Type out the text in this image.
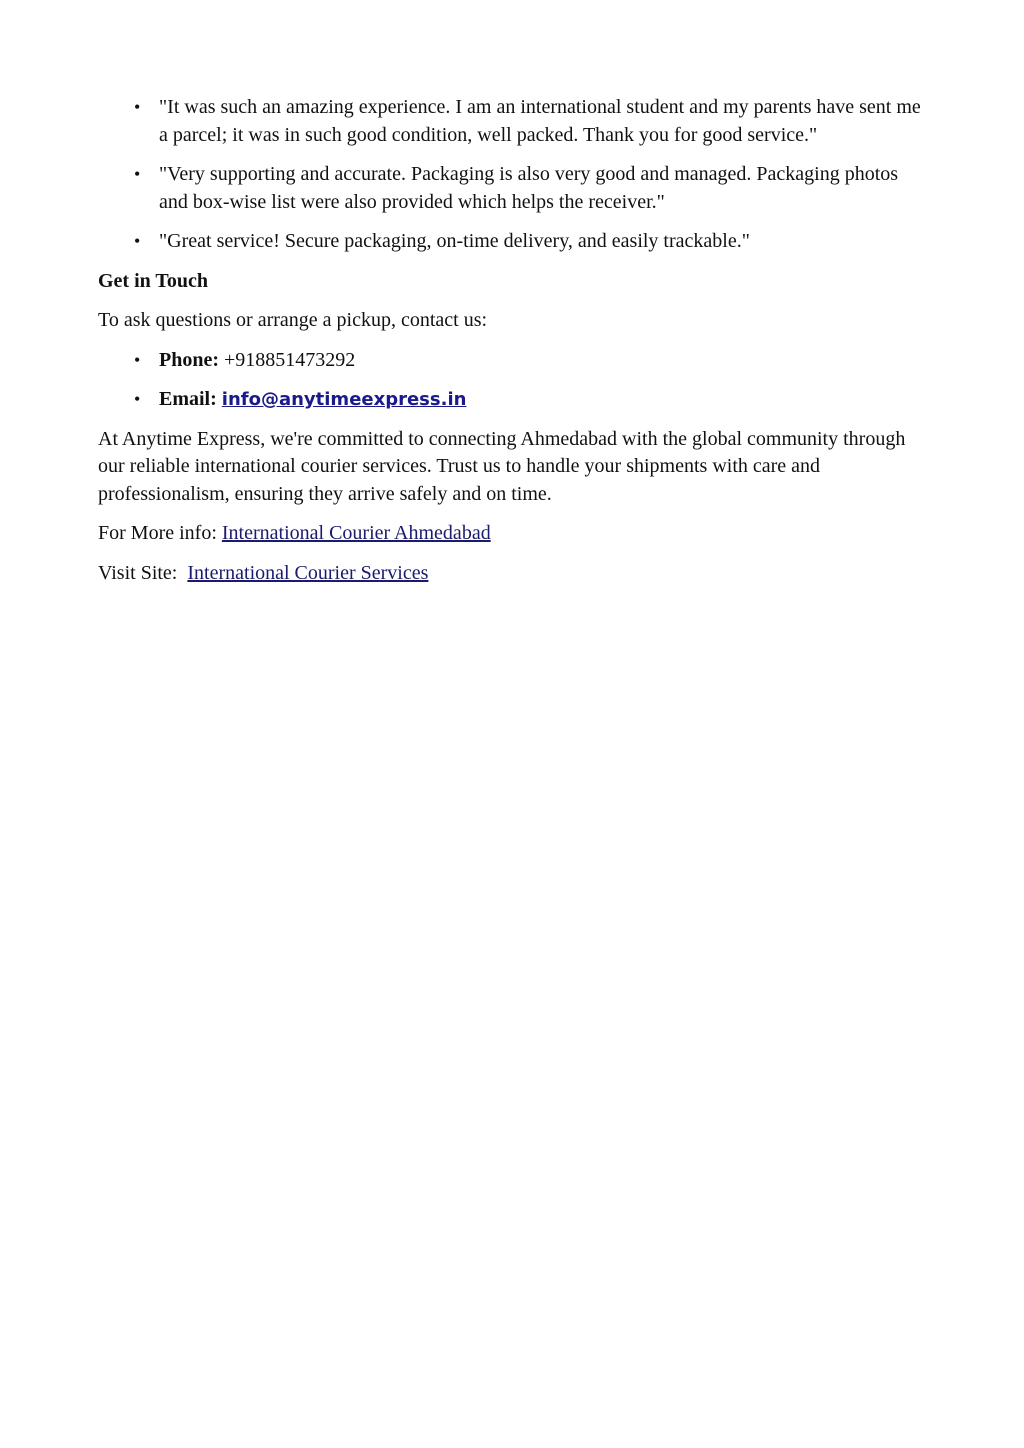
• "It was such an amazing experience. I am an international student and my parents have sent me a parcel; it was in such good condition, well packed. Thank you for good service."
• "Very supporting and accurate. Packaging is also very good and managed. Packaging photos and box-wise list were also provided which helps the receiver."
• "Great service! Secure packaging, on-time delivery, and easily trackable."
Get in Touch

To ask questions or arrange a pickup, contact us:

• Phone: +918851473292
• Email: info@anytimeexpress.in

At Anytime Express, we're committed to connecting Ahmedabad with the global community through our reliable international courier services. Trust us to handle your shipments with care and professionalism, ensuring they arrive safely and on time.

For More info: International Courier Ahmedabad

Visit Site: International Courier Services
